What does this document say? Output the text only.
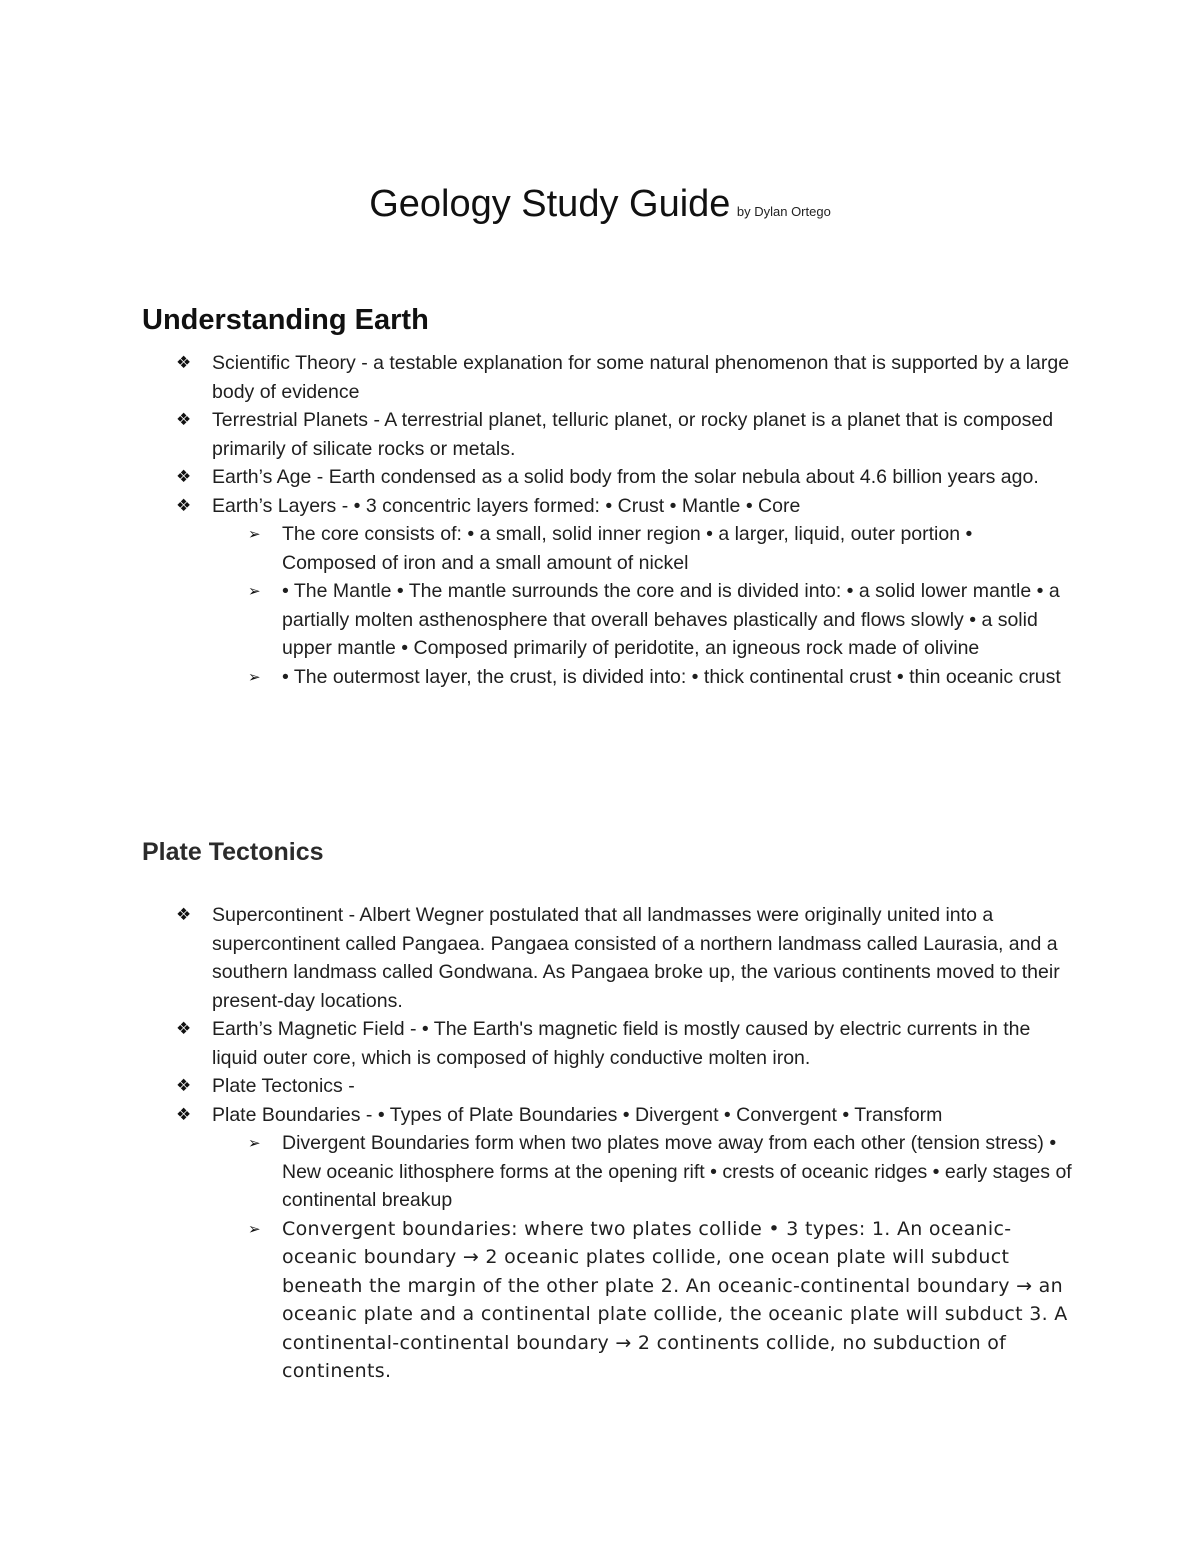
Geology Study Guide by Dylan Ortego
Understanding Earth
❖ Scientific Theory - a testable explanation for some natural phenomenon that is supported by a large body of evidence
❖ Terrestrial Planets - A terrestrial planet, telluric planet, or rocky planet is a planet that is composed primarily of silicate rocks or metals.
❖ Earth’s Age - Earth condensed as a solid body from the solar nebula about 4.6 billion years ago.
❖ Earth’s Layers - • 3 concentric layers formed: • Crust • Mantle • Core
➢ The core consists of: • a small, solid inner region • a larger, liquid, outer portion • Composed of iron and a small amount of nickel
➢ • The Mantle • The mantle surrounds the core and is divided into: • a solid lower mantle • a partially molten asthenosphere that overall behaves plastically and flows slowly • a solid upper mantle • Composed primarily of peridotite, an igneous rock made of olivine
➢ • The outermost layer, the crust, is divided into: • thick continental crust • thin oceanic crust
Plate Tectonics
❖ Supercontinent - Albert Wegner postulated that all landmasses were originally united into a supercontinent called Pangaea. Pangaea consisted of a northern landmass called Laurasia, and a southern landmass called Gondwana. As Pangaea broke up, the various continents moved to their present-day locations.
❖ Earth’s Magnetic Field - • The Earth's magnetic field is mostly caused by electric currents in the liquid outer core, which is composed of highly conductive molten iron.
❖ Plate Tectonics -
❖ Plate Boundaries - • Types of Plate Boundaries • Divergent • Convergent • Transform
➢ Divergent Boundaries form when two plates move away from each other (tension stress) • New oceanic lithosphere forms at the opening rift • crests of oceanic ridges • early stages of continental breakup
➢ Convergent boundaries: where two plates collide • 3 types: 1. An oceanic-oceanic boundary → 2 oceanic plates collide, one ocean plate will subduct beneath the margin of the other plate 2. An oceanic-continental boundary → an oceanic plate and a continental plate collide, the oceanic plate will subduct 3. A continental-continental boundary → 2 continents collide, no subduction of continents.
